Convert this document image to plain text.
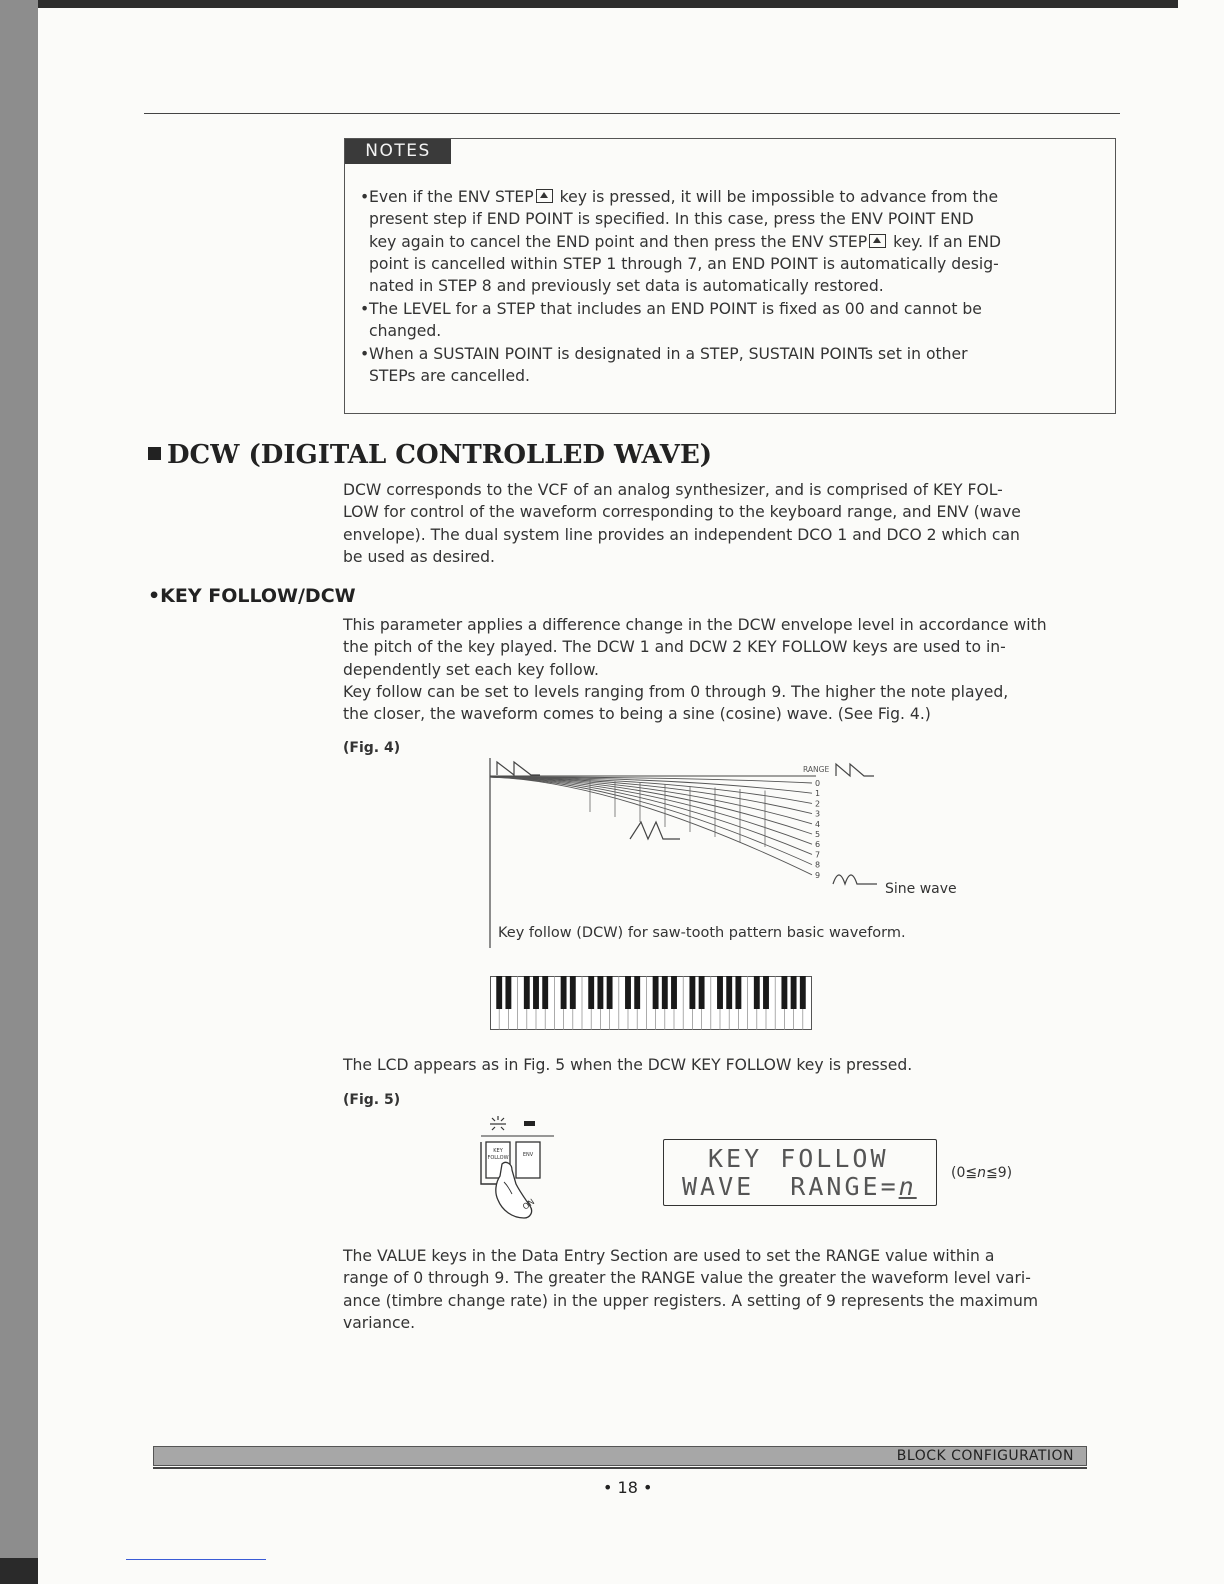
NOTES
• Even if the ENV STEP key is pressed, it will be impossible to advance from the
present step if END POINT is specified. In this case, press the ENV POINT END
key again to cancel the END point and then press the ENV STEP key. If an END
point is cancelled within STEP 1 through 7, an END POINT is automatically desig-
nated in STEP 8 and previously set data is automatically restored.
• The LEVEL for a STEP that includes an END POINT is fixed as 00 and cannot be
changed.
• When a SUSTAIN POINT is designated in a STEP, SUSTAIN POINTs set in other
STEPs are cancelled.
DCW (DIGITAL CONTROLLED WAVE)
DCW corresponds to the VCF of an analog synthesizer, and is comprised of KEY FOL-
LOW for control of the waveform corresponding to the keyboard range, and ENV (wave
envelope). The dual system line provides an independent DCO 1 and DCO 2 which can
be used as desired.
•KEY FOLLOW/DCW
This parameter applies a difference change in the DCW envelope level in accordance with
the pitch of the key played. The DCW 1 and DCW 2 KEY FOLLOW keys are used to in-
dependently set each key follow.
Key follow can be set to levels ranging from 0 through 9. The higher the note played,
the closer, the waveform comes to being a sine (cosine) wave. (See Fig. 4.)
(Fig. 4)
RANGE
0
1
2
3
4
5
6
7
8
9
Sine wave
Key follow (DCW) for saw-tooth pattern basic waveform.
The LCD appears as in Fig. 5 when the DCW KEY FOLLOW key is pressed.
(Fig. 5)
KEY
FOLLOW	ENV
ON
KEY FOLLOW
WAVE  RANGE=n (0≦n≦9)
The VALUE keys in the Data Entry Section are used to set the RANGE value within a
range of 0 through 9. The greater the RANGE value the greater the waveform level vari-
ance (timbre change rate) in the upper registers. A setting of 9 represents the maximum
variance.
BLOCK CONFIGURATION
• 18 •
